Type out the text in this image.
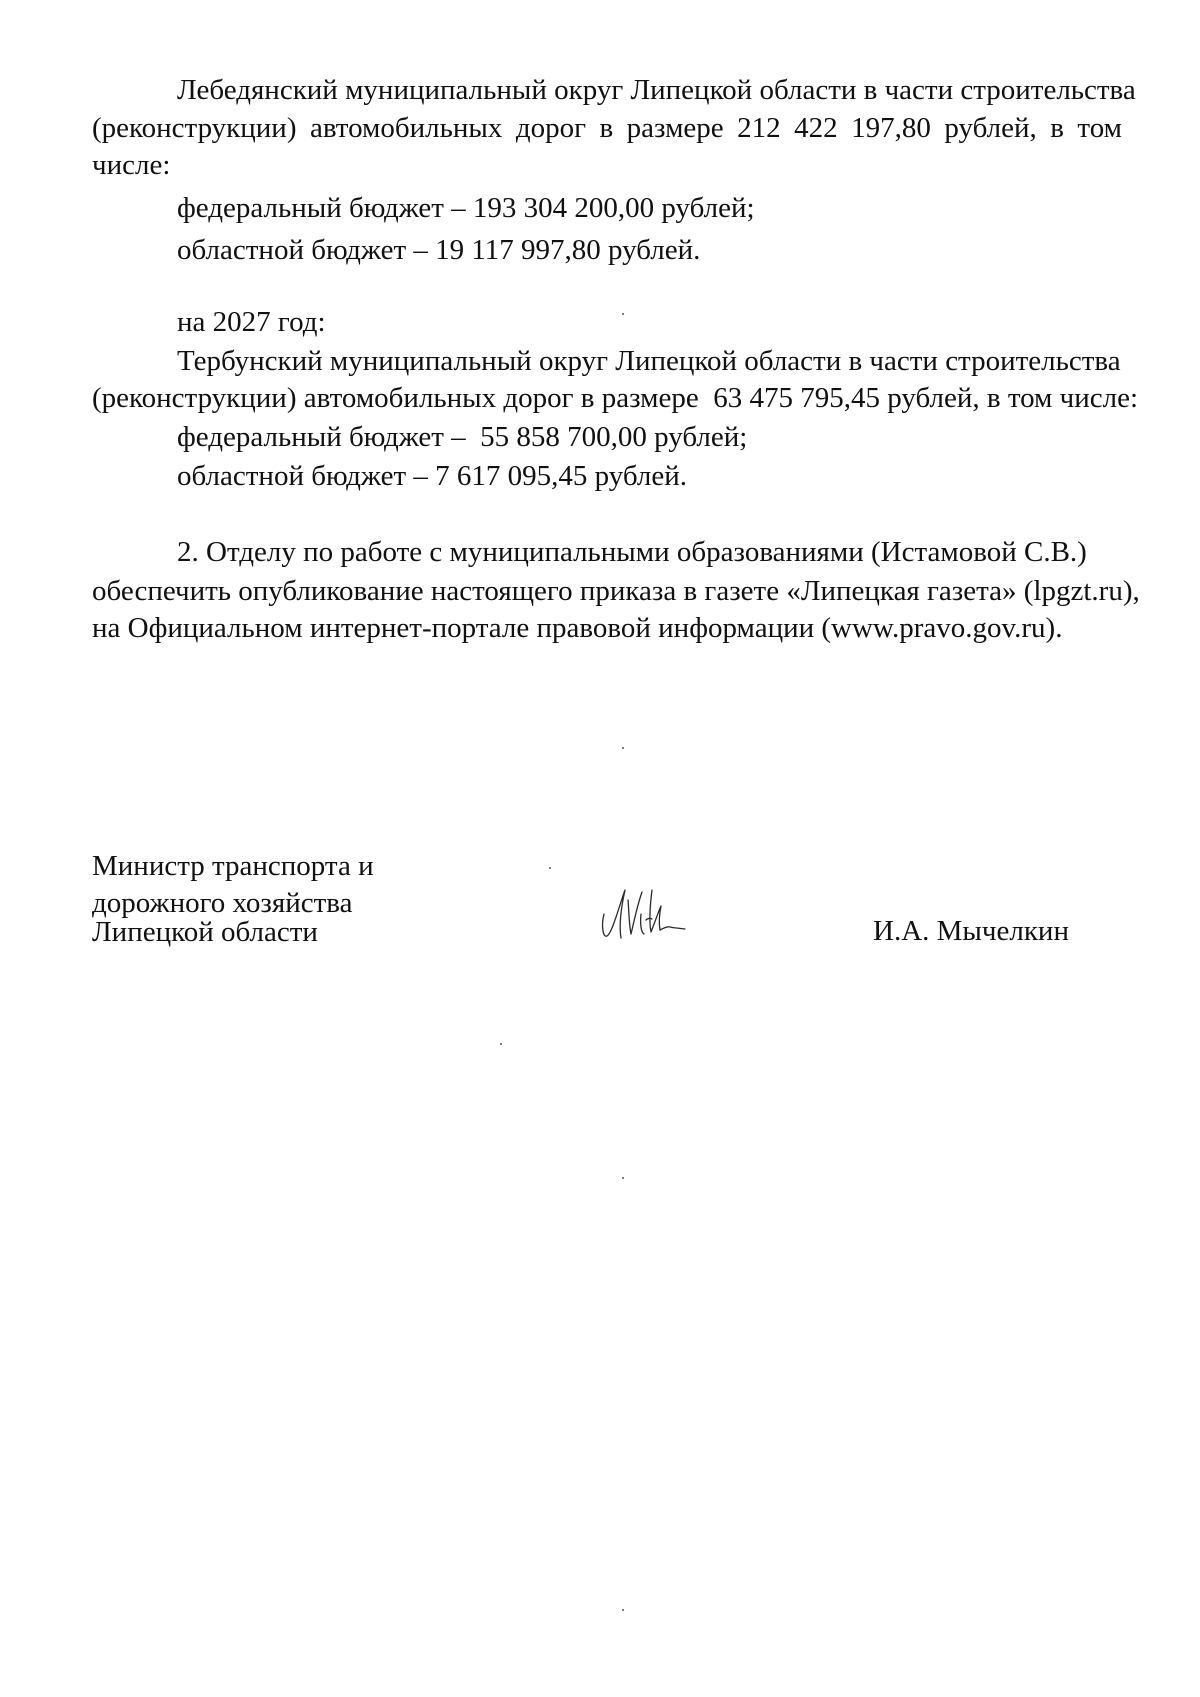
Лебедянский муниципальный округ Липецкой области в части строительства
(реконструкции) автомобильных дорог в размере 212 422 197,80 рублей, в том
числе:
федеральный бюджет – 193 304 200,00 рублей;
областной бюджет – 19 117 997,80 рублей.
на 2027 год:
Тербунский муниципальный округ Липецкой области в части строительства
(реконструкции) автомобильных дорог в размере  63 475 795,45 рублей, в том числе:
федеральный бюджет –  55 858 700,00 рублей;
областной бюджет – 7 617 095,45 рублей.
2. Отделу по работе с муниципальными образованиями (Истамовой С.В.)
обеспечить опубликование настоящего приказа в газете «Липецкая газета» (lpgzt.ru),
на Официальном интернет-портале правовой информации (www.pravo.gov.ru).
Министр транспорта и
дорожного хозяйства
Липецкой области	И.А. Мычелкин
